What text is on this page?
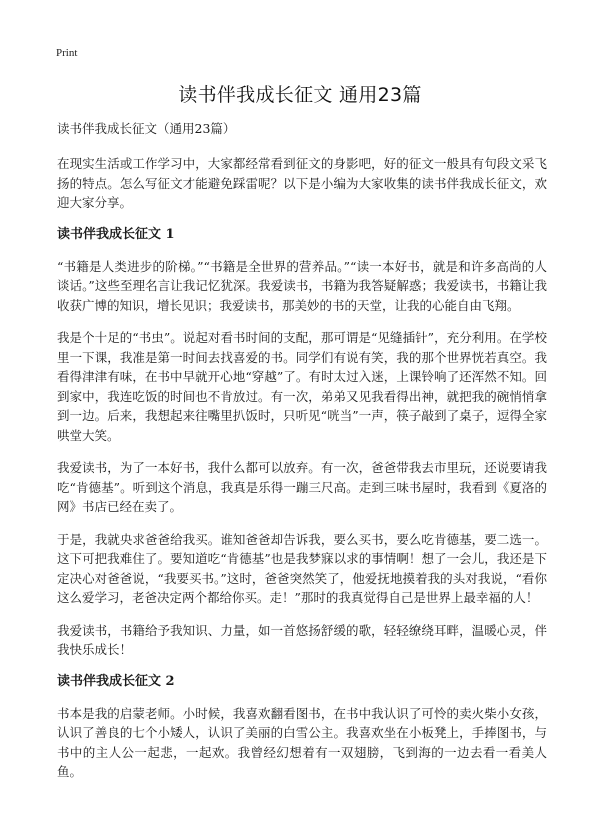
Print
读书伴我成长征文 通用23篇
读书伴我成长征文（通用23篇）

在现实生活或工作学习中，大家都经常看到征文的身影吧，好的征文一般具有句段文采飞扬的特点。怎么写征文才能避免踩雷呢？以下是小编为大家收集的读书伴我成长征文，欢迎大家分享。

读书伴我成长征文 1

“书籍是人类进步的阶梯。”“书籍是全世界的营养品。”“读一本好书，就是和许多高尚的人谈话。”这些至理名言让我记忆犹深。我爱读书，书籍为我答疑解惑；我爱读书，书籍让我收获广博的知识，增长见识；我爱读书，那美妙的书的天堂，让我的心能自由飞翔。

我是个十足的“书虫”。说起对看书时间的支配，那可谓是“见缝插针”，充分利用。在学校里一下课，我准是第一时间去找喜爱的书。同学们有说有笑，我的那个世界恍若真空。我看得津津有味，在书中早就开心地“穿越”了。有时太过入迷，上课铃响了还浑然不知。回到家中，我连吃饭的时间也不肯放过。有一次，弟弟又见我看得出神，就把我的碗悄悄拿到一边。后来，我想起来往嘴里扒饭时，只听见“咣当”一声，筷子敲到了桌子，逗得全家哄堂大笑。

我爱读书，为了一本好书，我什么都可以放弃。有一次，爸爸带我去市里玩，还说要请我吃“肯德基”。听到这个消息，我真是乐得一蹦三尺高。走到三味书屋时，我看到《夏洛的网》书店已经在卖了。

于是，我就央求爸爸给我买。谁知爸爸却告诉我，要么买书，要么吃肯德基，要二选一。这下可把我难住了。要知道吃“肯德基”也是我梦寐以求的事情啊！想了一会儿，我还是下定决心对爸爸说，“我要买书。”这时，爸爸突然笑了，他爱抚地摸着我的头对我说，“看你这么爱学习，老爸决定两个都给你买。走！”那时的我真觉得自己是世界上最幸福的人！

我爱读书，书籍给予我知识、力量，如一首悠扬舒缓的歌，轻轻缭绕耳畔，温暖心灵，伴我快乐成长！

读书伴我成长征文 2

书本是我的启蒙老师。小时候，我喜欢翻看图书，在书中我认识了可怜的卖火柴小女孩，认识了善良的七个小矮人，认识了美丽的白雪公主。我喜欢坐在小板凳上，手捧图书，与书中的主人公一起悲，一起欢。我曾经幻想着有一双翅膀，飞到海的一边去看一看美人鱼。
